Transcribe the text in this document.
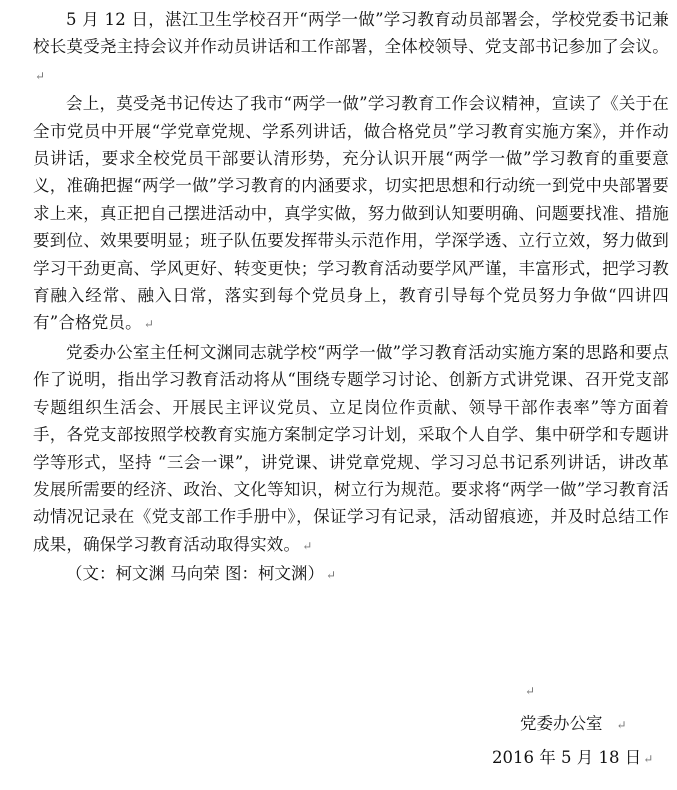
5 月 12 日，湛江卫生学校召开“两学一做”学习教育动员部署会，学校党委书记兼校长莫受尧主持会议并作动员讲话和工作部署，全体校领导、党支部书记参加了会议。↵

会上，莫受尧书记传达了我市“两学一做”学习教育工作会议精神，宣读了《关于在全市党员中开展“学党章党规、学系列讲话，做合格党员”学习教育实施方案》，并作动员讲话，要求全校党员干部要认清形势，充分认识开展“两学一做”学习教育的重要意义，准确把握“两学一做”学习教育的内涵要求，切实把思想和行动统一到党中央部署要求上来，真正把自己摆进活动中，真学实做，努力做到认知要明确、问题要找准、措施要到位、效果要明显；班子队伍要发挥带头示范作用，学深学透、立行立效，努力做到学习干劲更高、学风更好、转变更快；学习教育活动要学风严谨，丰富形式，把学习教育融入经常、融入日常，落实到每个党员身上，教育引导每个党员努力争做“四讲四有”合格党员。 ↵

党委办公室主任柯文渊同志就学校“两学一做”学习教育活动实施方案的思路和要点作了说明，指出学习教育活动将从“围绕专题学习讨论、创新方式讲党课、召开党支部专题组织生活会、开展民主评议党员、立足岗位作贡献、领导干部作表率”等方面着手，各党支部按照学校教育实施方案制定学习计划，采取个人自学、集中研学和专题讲学等形式，坚持 “三会一课”，讲党课、讲党章党规、学习习总书记系列讲话，讲改革发展所需要的经济、政治、文化等知识，树立行为规范。要求将“两学一做”学习教育活动情况记录在《党支部工作手册中》，保证学习有记录，活动留痕迹，并及时总结工作成果，确保学习教育活动取得实效。 ↵

（文：柯文渊 马向荣 图：柯文渊） ↵

↵
党委办公室 ↵
2016 年 5 月 18 日 ↵
